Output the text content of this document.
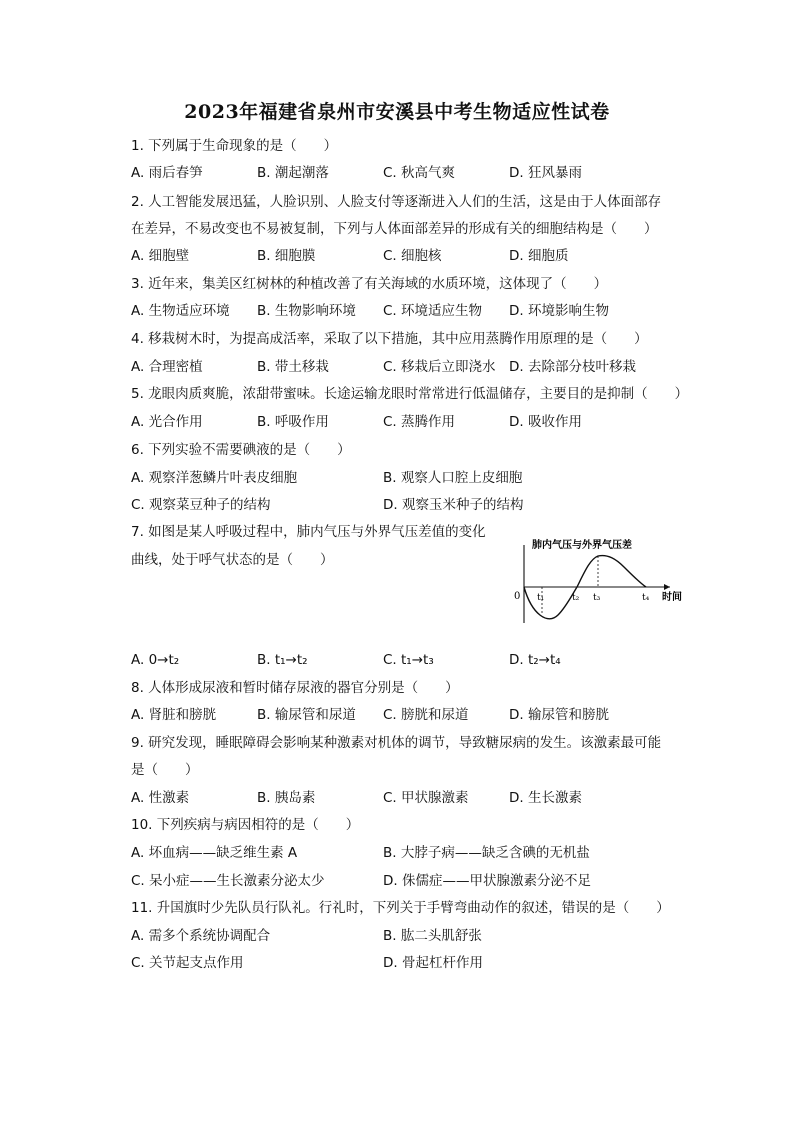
2023年福建省泉州市安溪县中考生物适应性试卷
1. 下列属于生命现象的是（　　）
A. 雨后春笋	B. 潮起潮落	C. 秋高气爽	D. 狂风暴雨
2. 人工智能发展迅猛，人脸识别、人脸支付等逐渐进入人们的生活，这是由于人体面部存
在差异，不易改变也不易被复制，下列与人体面部差异的形成有关的细胞结构是（　　）
A. 细胞壁	B. 细胞膜	C. 细胞核	D. 细胞质
3. 近年来，集美区红树林的种植改善了有关海域的水质环境，这体现了（　　）
A. 生物适应环境 B. 生物影响环境 C. 环境适应生物 D. 环境影响生物
4. 移栽树木时，为提高成活率，采取了以下措施，其中应用蒸腾作用原理的是（　　）
A. 合理密植	B. 带土移栽	C. 移栽后立即浇水 D. 去除部分枝叶移栽
5. 龙眼肉质爽脆，浓甜带蜜味。长途运输龙眼时常常进行低温储存，主要目的是抑制（　　）
A. 光合作用	B. 呼吸作用	C. 蒸腾作用	D. 吸收作用
6. 下列实验不需要碘液的是（　　）
A. 观察洋葱鳞片叶表皮细胞	B. 观察人口腔上皮细胞
C. 观察菜豆种子的结构	D. 观察玉米种子的结构
7. 如图是某人呼吸过程中，肺内气压与外界气压差值的变化
曲线，处于呼气状态的是（　　）
肺内气压与外界气压差
0 t₁	t₂ t₃	t₄ 时间
A. 0→t₂	B. t₁→t₂	C. t₁→t₃	D. t₂→t₄
8. 人体形成尿液和暂时储存尿液的器官分别是（　　）
A. 肾脏和膀胱	B. 输尿管和尿道 C. 膀胱和尿道	D. 输尿管和膀胱
9. 研究发现，睡眠障碍会影响某种激素对机体的调节，导致糖尿病的发生。该激素最可能
是（　　）
A. 性激素	B. 胰岛素	C. 甲状腺激素	D. 生长激素
10. 下列疾病与病因相符的是（　　）
A. 坏血病——缺乏维生素 A	B. 大脖子病——缺乏含碘的无机盐
C. 呆小症——生长激素分泌太少	D. 侏儒症——甲状腺激素分泌不足
11. 升国旗时少先队员行队礼。行礼时，下列关于手臂弯曲动作的叙述，错误的是（　　）
A. 需多个系统协调配合	B. 肱二头肌舒张
C. 关节起支点作用	D. 骨起杠杆作用
